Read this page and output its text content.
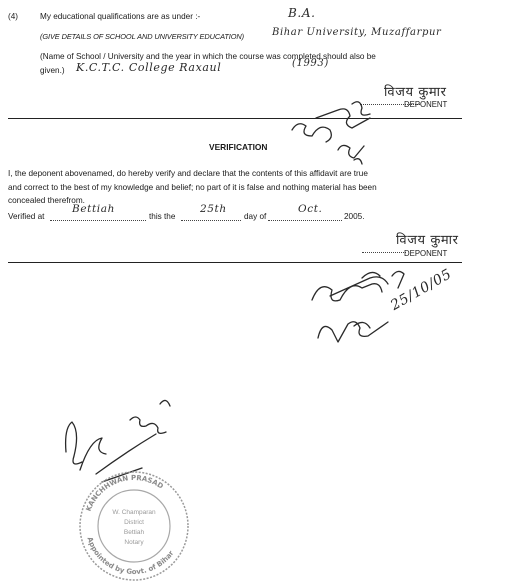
(4)	My educational qualifications are as under :-	B.A.
(GIVE DETAILS OF SCHOOL AND UNIVERSITY EDUCATION)	Bihar University, Muzaffarpur
(Name of School / University and the year in which the course was completed should also be
given.) K.C.T.C. College Raxaul	(1993)
विजय कुमार
DEPONENT
VERIFICATION
I, the deponent abovenamed, do hereby verify and declare that the contents of this affidavit are true
and correct to the best of my knowledge and belief; no part of it is false and nothing material has been
concealed therefrom.
Verified at
Bettiah
this the
25th
day of
Oct.
2005.
विजय कुमार
DEPONENT
25/10/05
KANCHHWAN PRASAD
Appointed by Govt. of Bihar
W. Champaran
District
Bettiah
Notary
